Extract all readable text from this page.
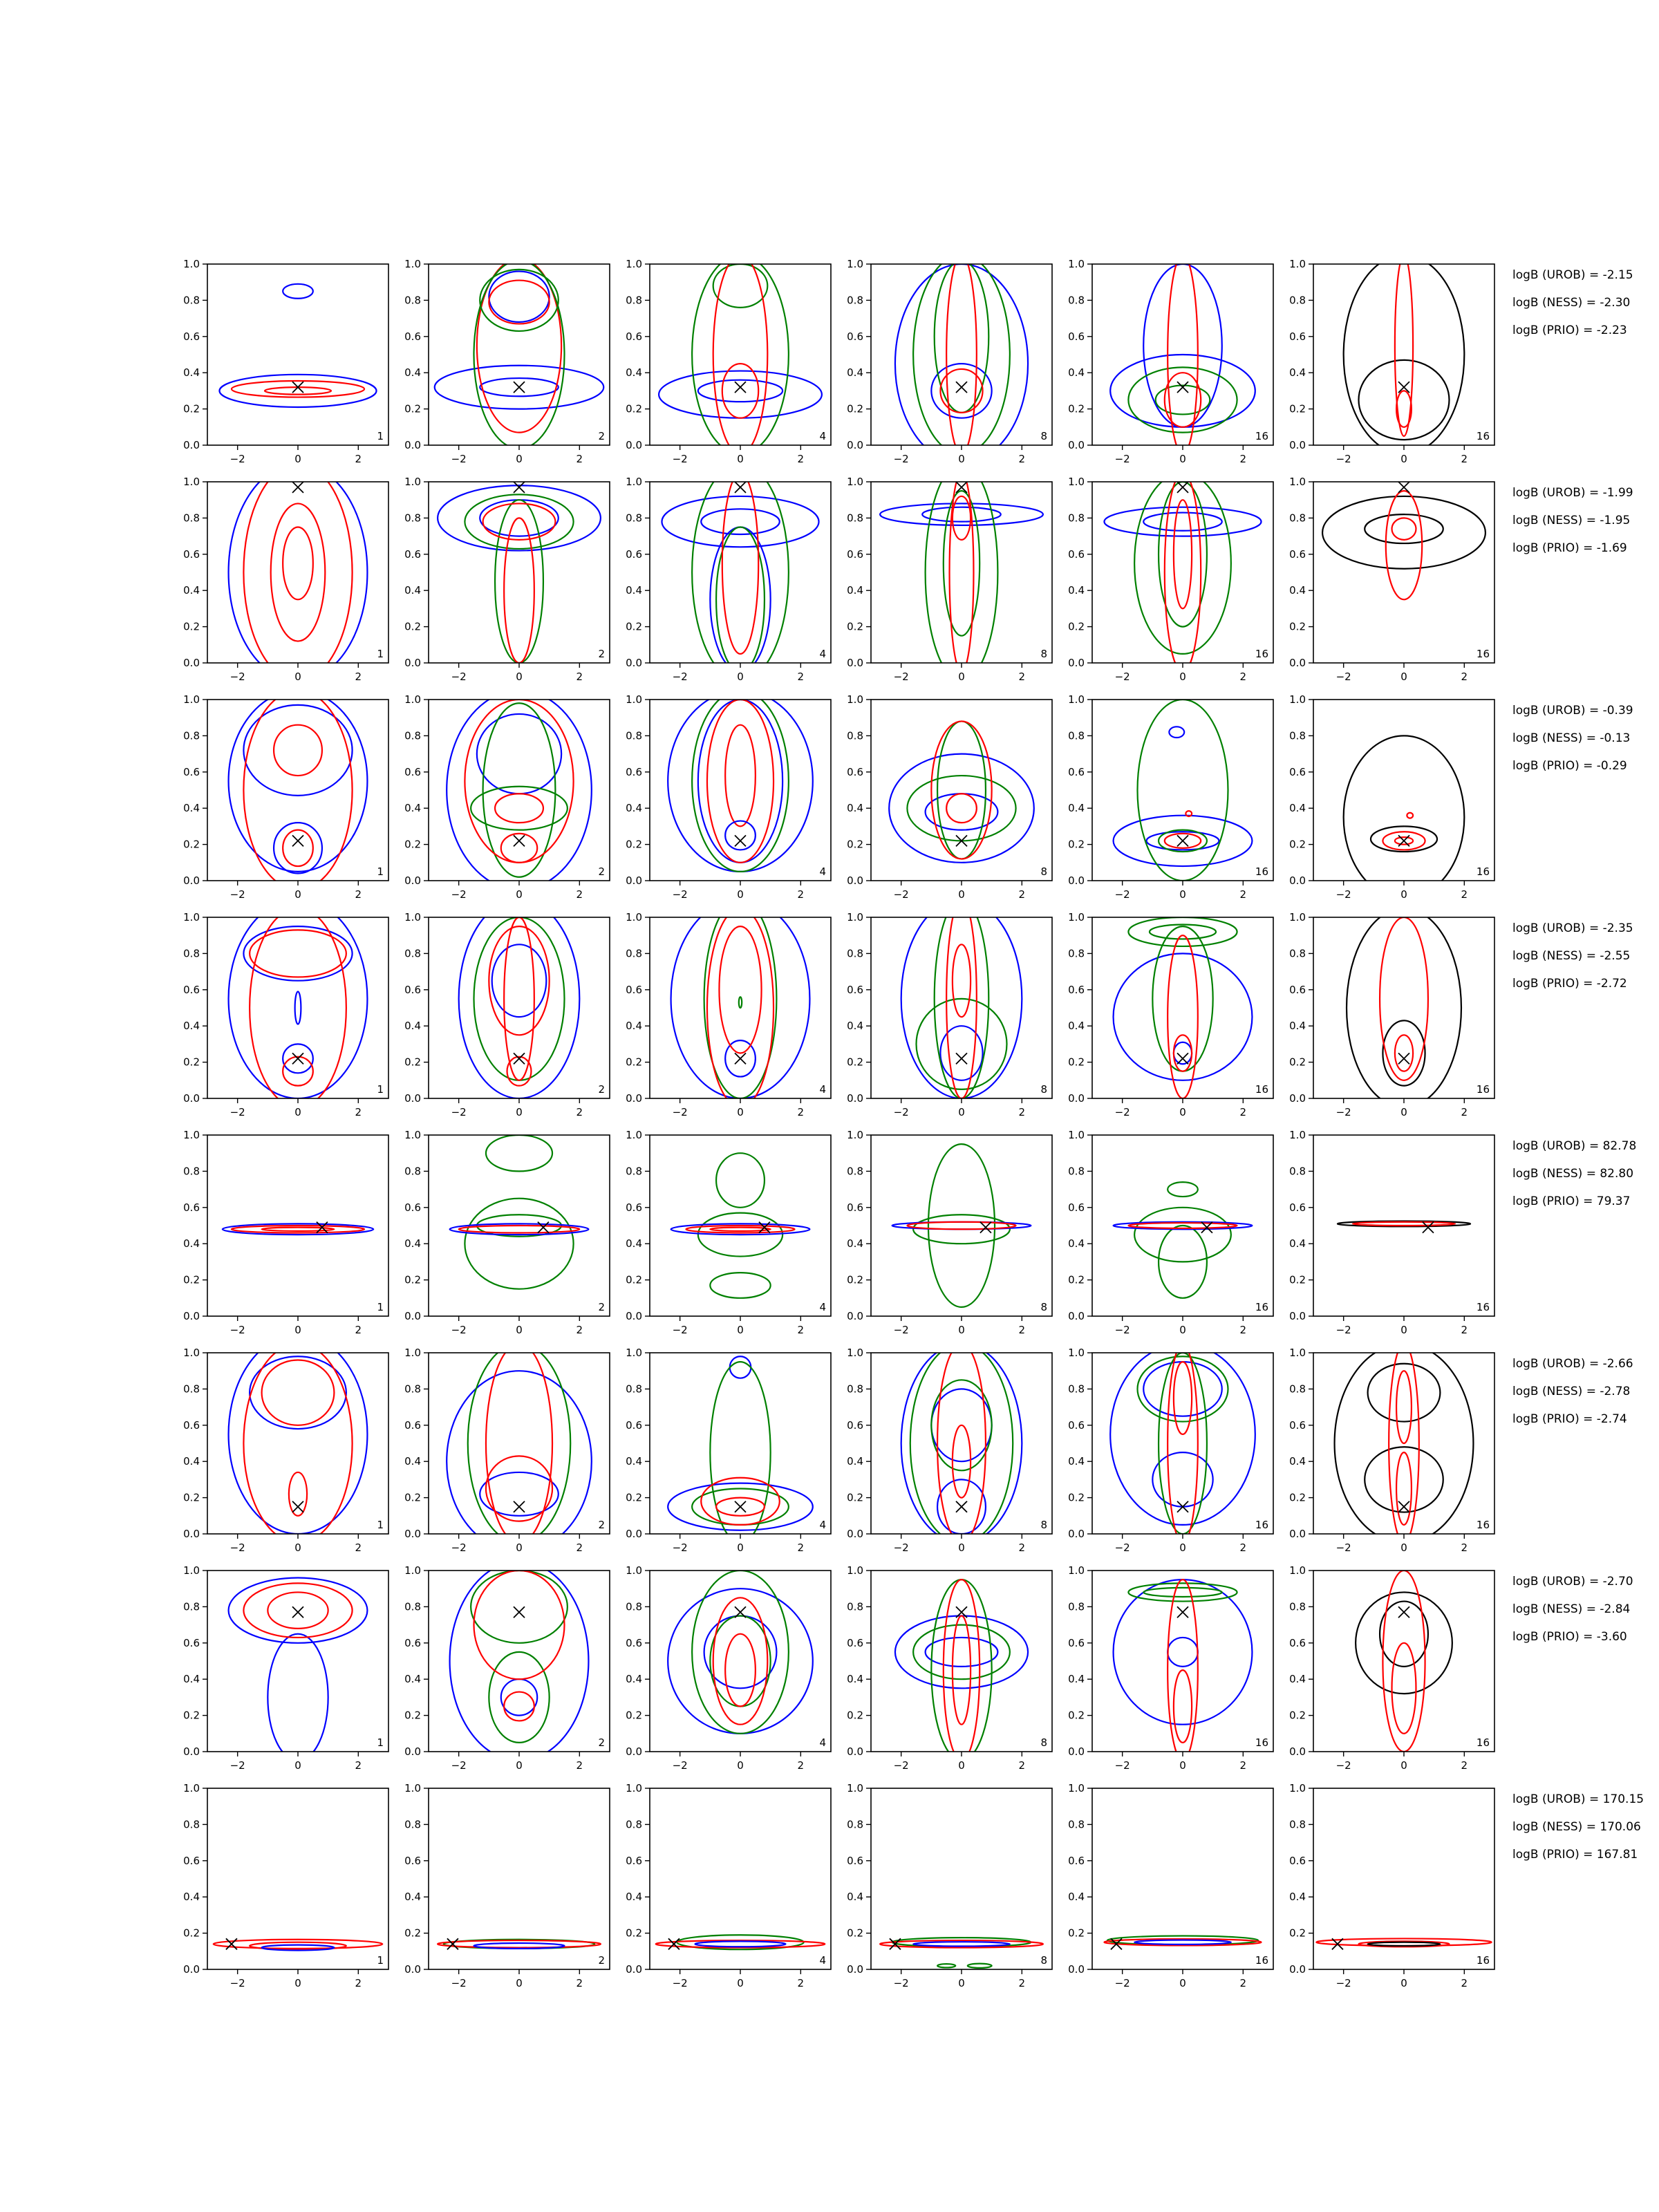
−2	0	2
0.0
0.2
0.4
0.6
0.8
1.0
1
−2	0	2
0.0
0.2
0.4
0.6
0.8
1.0
2
−2	0	2
0.0
0.2
0.4
0.6
0.8
1.0
4
−2	0	2
0.0
0.2
0.4
0.6
0.8
1.0
8
−2	0	2
0.0
0.2
0.4
0.6
0.8
1.0
16
−2	0	2
0.0
0.2
0.4
0.6
0.8
1.0
16
−2	0	2
0.0
0.2
0.4
0.6
0.8
1.0
1
−2	0	2
0.0
0.2
0.4
0.6
0.8
1.0
2
−2	0	2
0.0
0.2
0.4
0.6
0.8
1.0
4
−2	0	2
0.0
0.2
0.4
0.6
0.8
1.0
8
−2	0	2
0.0
0.2
0.4
0.6
0.8
1.0
16
−2	0	2
0.0
0.2
0.4
0.6
0.8
1.0
16
−2	0	2
0.0
0.2
0.4
0.6
0.8
1.0
1
−2	0	2
0.0
0.2
0.4
0.6
0.8
1.0
2
−2	0	2
0.0
0.2
0.4
0.6
0.8
1.0
4
−2	0	2
0.0
0.2
0.4
0.6
0.8
1.0
8
−2	0	2
0.0
0.2
0.4
0.6
0.8
1.0
16
−2	0	2
0.0
0.2
0.4
0.6
0.8
1.0
16
−2	0	2
0.0
0.2
0.4
0.6
0.8
1.0
1
−2	0	2
0.0
0.2
0.4
0.6
0.8
1.0
2
−2	0	2
0.0
0.2
0.4
0.6
0.8
1.0
4
−2	0	2
0.0
0.2
0.4
0.6
0.8
1.0
8
−2	0	2
0.0
0.2
0.4
0.6
0.8
1.0
16
−2	0	2
0.0
0.2
0.4
0.6
0.8
1.0
16
−2	0	2
0.0
0.2
0.4
0.6
0.8
1.0
1
−2	0	2
0.0
0.2
0.4
0.6
0.8
1.0
2
−2	0	2
0.0
0.2
0.4
0.6
0.8
1.0
4
−2	0	2
0.0
0.2
0.4
0.6
0.8
1.0
8
−2	0	2
0.0
0.2
0.4
0.6
0.8
1.0
16
−2	0	2
0.0
0.2
0.4
0.6
0.8
1.0
16
−2	0	2
0.0
0.2
0.4
0.6
0.8
1.0
1
−2	0	2
0.0
0.2
0.4
0.6
0.8
1.0
2
−2	0	2
0.0
0.2
0.4
0.6
0.8
1.0
4
−2	0	2
0.0
0.2
0.4
0.6
0.8
1.0
8
−2	0	2
0.0
0.2
0.4
0.6
0.8
1.0
16
−2	0	2
0.0
0.2
0.4
0.6
0.8
1.0
16
−2	0	2
0.0
0.2
0.4
0.6
0.8
1.0
1
−2	0	2
0.0
0.2
0.4
0.6
0.8
1.0
2
−2	0	2
0.0
0.2
0.4
0.6
0.8
1.0
4
−2	0	2
0.0
0.2
0.4
0.6
0.8
1.0
8
−2	0	2
0.0
0.2
0.4
0.6
0.8
1.0
16
−2	0	2
0.0
0.2
0.4
0.6
0.8
1.0
16
−2	0	2
0.0
0.2
0.4
0.6
0.8
1.0
1
−2	0	2
0.0
0.2
0.4
0.6
0.8
1.0
2
−2	0	2
0.0
0.2
0.4
0.6
0.8
1.0
4
−2	0	2
0.0
0.2
0.4
0.6
0.8
1.0
8
−2	0	2
0.0
0.2
0.4
0.6
0.8
1.0
16
−2	0	2
0.0
0.2
0.4
0.6
0.8
1.0
16
logB (UROB) = -2.15
logB (NESS) = -2.30
logB (PRIO) = -2.23
logB (UROB) = -1.99
logB (NESS) = -1.95
logB (PRIO) = -1.69
logB (UROB) = -0.39
logB (NESS) = -0.13
logB (PRIO) = -0.29
logB (UROB) = -2.35
logB (NESS) = -2.55
logB (PRIO) = -2.72
logB (UROB) = 82.78
logB (NESS) = 82.80
logB (PRIO) = 79.37
logB (UROB) = -2.66
logB (NESS) = -2.78
logB (PRIO) = -2.74
logB (UROB) = -2.70
logB (NESS) = -2.84
logB (PRIO) = -3.60
logB (UROB) = 170.15
logB (NESS) = 170.06
logB (PRIO) = 167.81
